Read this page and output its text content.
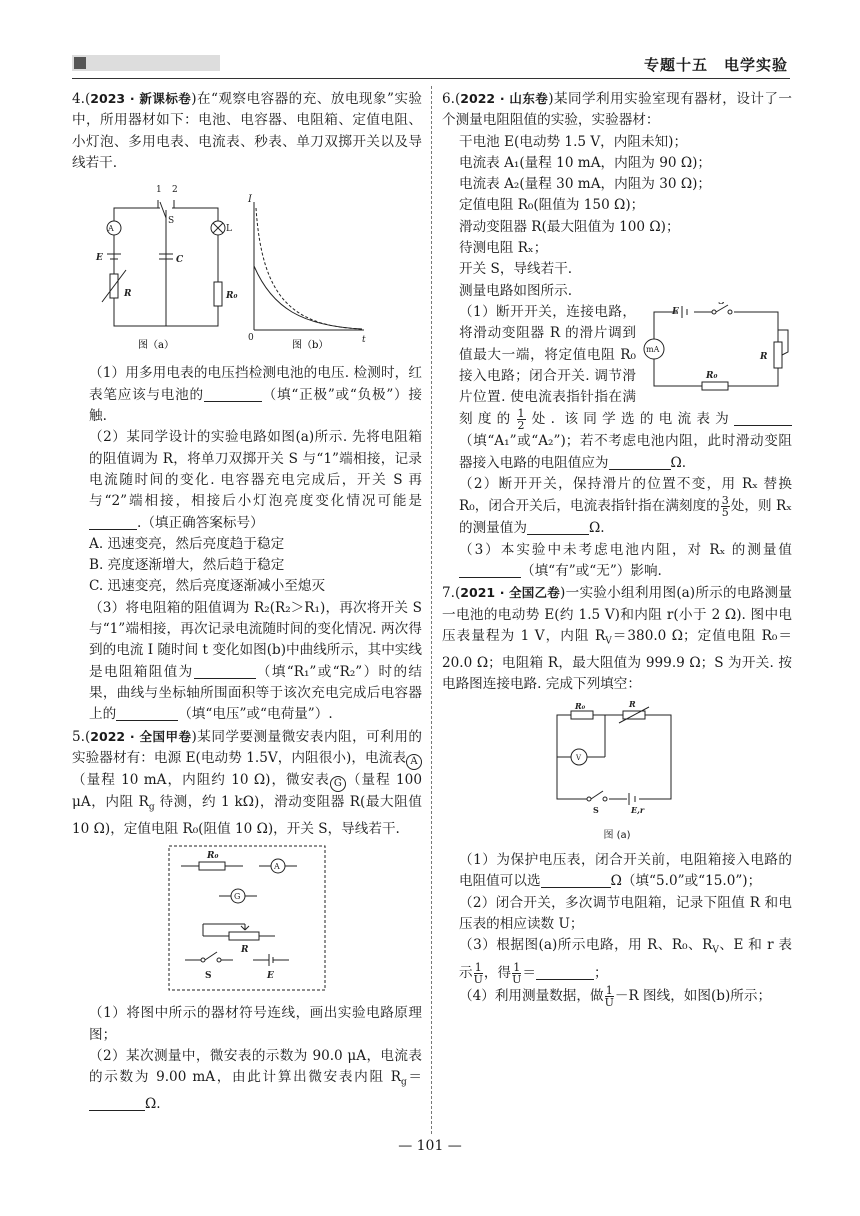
专题十五　电学实验

4.(2023 · 新课标卷)在“观察电容器的充、放电现象”实验中，所用器材如下：电池、电容器、电阻箱、定值电阻、小灯泡、多用电表、电流表、秒表、单刀双掷开关以及导线若干.

A
1 2
S
L
E	C
R	R₀
I
0	t
图（a）	图（b）

（1）用多用电表的电压挡检测电池的电压. 检测时，红表笔应该与电池的	（填“正极”或“负极”）接触.

（2）某同学设计的实验电路如图(a)所示. 先将电阻箱的阻值调为 R，将单刀双掷开关 S 与“1”端相接，记录电流随时间的变化. 电容器充电完成后，开关 S 再与“2”端相接，相接后小灯泡亮度变化情况可能是.（填正确答案标号）

A. 迅速变亮，然后亮度趋于稳定

B. 亮度逐渐增大，然后趋于稳定

C. 迅速变亮，然后亮度逐渐减小至熄灭

（3）将电阻箱的阻值调为 R₂(R₂＞R₁)，再次将开关 S 与“1”端相接，再次记录电流随时间的变化情况. 两次得到的电流 I 随时间 t 变化如图(b)中曲线所示，其中实线是电阻箱阻值为	（填“R₁”或“R₂”）时的结果，曲线与坐标轴所围面积等于该次充电完成后电容器上的	（填“电压”或“电荷量”）.

5.(2022 · 全国甲卷)某同学要测量微安表内阻，可利用的实验器材有：电源 E(电动势 1.5V，内阻很小)，电流表 A（量程 10 mA，内阻约 10 Ω)，微安表 G （量程 100 μA，内阻 $R_g$ 待测，约 1 kΩ)，滑动变阻器 R(最大阻值 10 Ω)，定值电阻 R₀(阻值 10 Ω)，开关 S，导线若干.

R₀
A
G
R
S	E

（1）将图中所示的器材符号连线，画出实验电路原理图；

（2）某次测量中，微安表的示数为 90.0 μA，电流表的示数为 9.00 mA，由此计算出微安表内阻 $R_g=\Omega$.

6.(2022 · 山东卷)某同学利用实验室现有器材，设计了一个测量电阻阻值的实验，实验器材：

干电池 E(电动势 1.5 V，内阻未知)；

电流表 A₁(量程 10 mA，内阻为 90 Ω)；

电流表 A₂(量程 30 mA，内阻为 30 Ω)；

定值电阻 R₀(阻值为 150 Ω)；

滑动变阻器 R(最大阻值为 100 Ω)；

待测电阻 Rₓ；

开关 S，导线若干.

测量电路如图所示.

E
S
mA
R
R₀

（1）断开开关，连接电路，将滑动变阻器 R 的滑片调到值最大一端，将定值电阻 R₀ 接入电路；闭合开关. 调节滑片位置. 使电流表指针指在满刻度的 $\frac{1}{2}$ 处. 该同学选的电流表为（填“A₁”或“A₂”)；若不考虑电池内阻，此时滑动变阻器接入电路的电阻值应为	Ω.

（2）断开开关，保持滑片的位置不变，用 Rₓ 替换 R₀，闭合开关后，电流表指针指在满刻度的 $\frac{3}{5}$ 处，则 Rₓ 的测量值为	Ω.

（3）本实验中未考虑电池内阻，对 Rₓ 的测量值（填“有”或“无”）影响.

7.(2021 · 全国乙卷)一实验小组利用图(a)所示的电路测量一电池的电动势 E(约 1.5 V)和内阻 r(小于 2 Ω). 图中电压表量程为 1 V，内阻 $R_V=380.0$ Ω；定值电阻 R₀＝20.0 Ω；电阻箱 R，最大阻值为 999.9 Ω；S 为开关. 按电路图连接电路. 完成下列填空：

R₀	R
V
S	E,r
图 (a)

（1）为保护电压表，闭合开关前，电阻箱接入电路的电阻值可以选	Ω（填“5.0”或“15.0”)；

（2）闭合开关，多次调节电阻箱，记录下阻值 R 和电压表的相应读数 U；

（3）根据图(a)所示电路，用 R、R₀、$R_V$、E 和 r 表示 $\frac{1}{U}$ ，得 $\frac{1}{U}$ ＝	；

（4）利用测量数据，做 $\frac{1}{U} -R$ 图线，如图(b)所示；

— 101 —
